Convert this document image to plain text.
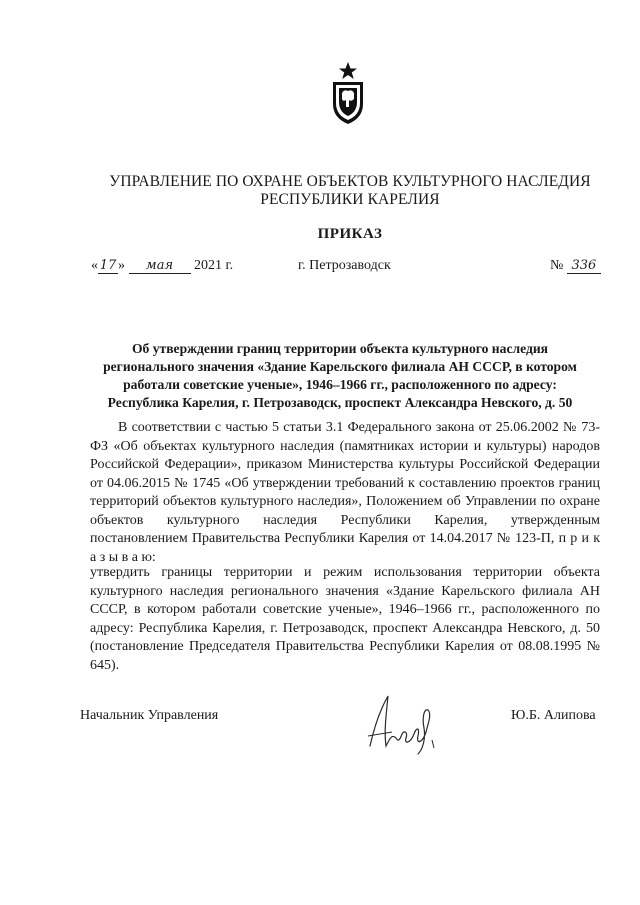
УПРАВЛЕНИЕ ПО ОХРАНЕ ОБЪЕКТОВ КУЛЬТУРНОГО НАСЛЕДИЯ
РЕСПУБЛИКИ КАРЕЛИЯ
ПРИКАЗ
« 17 » мая 2021 г.	г. Петрозаводск	№ 336
Об утверждении границ территории объекта культурного наследия
регионального значения «Здание Карельского филиала АН СССР, в котором
работали советские ученые», 1946–1966 гг., расположенного по адресу:
Республика Карелия, г. Петрозаводск, проспект Александра Невского, д. 50
В соответствии с частью 5 статьи 3.1 Федерального закона от 25.06.2002 № 73-ФЗ «Об объектах культурного наследия (памятниках истории и культуры) народов Российской Федерации», приказом Министерства культуры Российской Федерации от 04.06.2015 № 1745 «Об утверждении требований к составлению проектов границ территорий объектов культурного наследия», Положением об Управлении по охране объектов культурного наследия Республики Карелия, утвержденным постановлением Правительства Республики Карелия от 14.04.2017 № 123-П, п р и к а з ы в а ю:
утвердить границы территории и режим использования территории объекта культурного наследия регионального значения «Здание Карельского филиала АН СССР, в котором работали советские ученые», 1946–1966 гг., расположенного по адресу: Республика Карелия, г. Петрозаводск, проспект Александра Невского, д. 50 (постановление Председателя Правительства Республики Карелия от 08.08.1995 № 645).
Начальник Управления	Ю.Б. Алипова
